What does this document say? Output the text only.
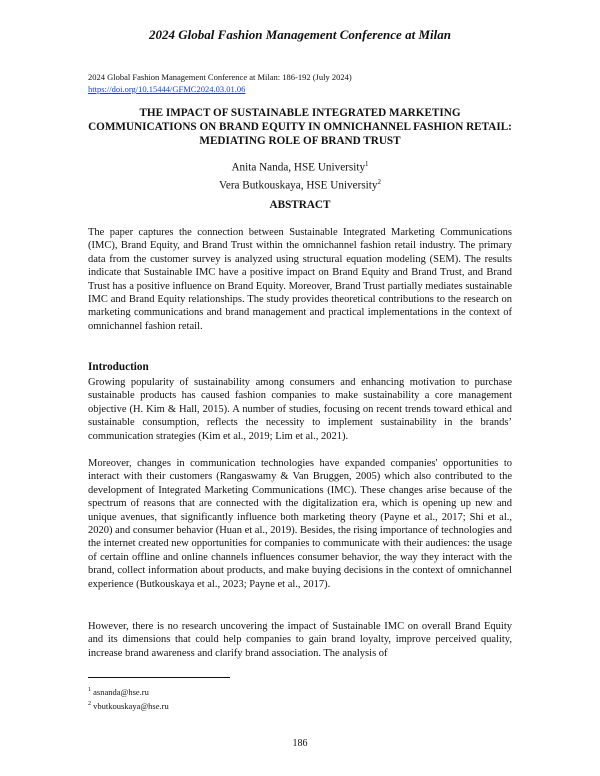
2024 Global Fashion Management Conference at Milan
2024 Global Fashion Management Conference at Milan: 186-192 (July 2024)
https://doi.org/10.15444/GFMC2024.03.01.06
THE IMPACT OF SUSTAINABLE INTEGRATED MARKETING COMMUNICATIONS ON BRAND EQUITY IN OMNICHANNEL FASHION RETAIL: MEDIATING ROLE OF BRAND TRUST
Anita Nanda, HSE University$^1$
Vera Butkouskaya, HSE University$^2$
ABSTRACT

The paper captures the connection between Sustainable Integrated Marketing Communications (IMC), Brand Equity, and Brand Trust within the omnichannel fashion retail industry. The primary data from the customer survey is analyzed using structural equation modeling (SEM). The results indicate that Sustainable IMC have a positive impact on Brand Equity and Brand Trust, and Brand Trust has a positive influence on Brand Equity. Moreover, Brand Trust partially mediates sustainable IMC and Brand Equity relationships. The study provides theoretical contributions to the research on marketing communications and brand management and practical implementations in the context of omnichannel fashion retail.

Introduction

Growing popularity of sustainability among consumers and enhancing motivation to purchase sustainable products has caused fashion companies to make sustainability a core management objective (H. Kim & Hall, 2015). A number of studies, focusing on recent trends toward ethical and sustainable consumption, reflects the necessity to implement sustainability in the brands’ communication strategies (Kim et al., 2019; Lim et al., 2021).

Moreover, changes in communication technologies have expanded companies' opportunities to interact with their customers (Rangaswamy & Van Bruggen, 2005) which also contributed to the development of Integrated Marketing Communications (IMC). These changes arise because of the spectrum of reasons that are connected with the digitalization era, which is opening up new and unique avenues, that significantly influence both marketing theory (Payne et al., 2017; Shi et al., 2020) and consumer behavior (Huan et al., 2019). Besides, the rising importance of technologies and the internet created new opportunities for companies to communicate with their audiences: the usage of certain offline and online channels influences consumer behavior, the way they interact with the brand, collect information about products, and make buying decisions in the context of omnichannel experience (Butkouskaya et al., 2023; Payne et al., 2017).

However, there is no research uncovering the impact of Sustainable IMC on overall Brand Equity and its dimensions that could help companies to gain brand loyalty, improve perceived quality, increase brand awareness and clarify brand association. The analysis of

$^1$ asnanda@hse.ru
$^2$ vbutkouskaya@hse.ru
186
